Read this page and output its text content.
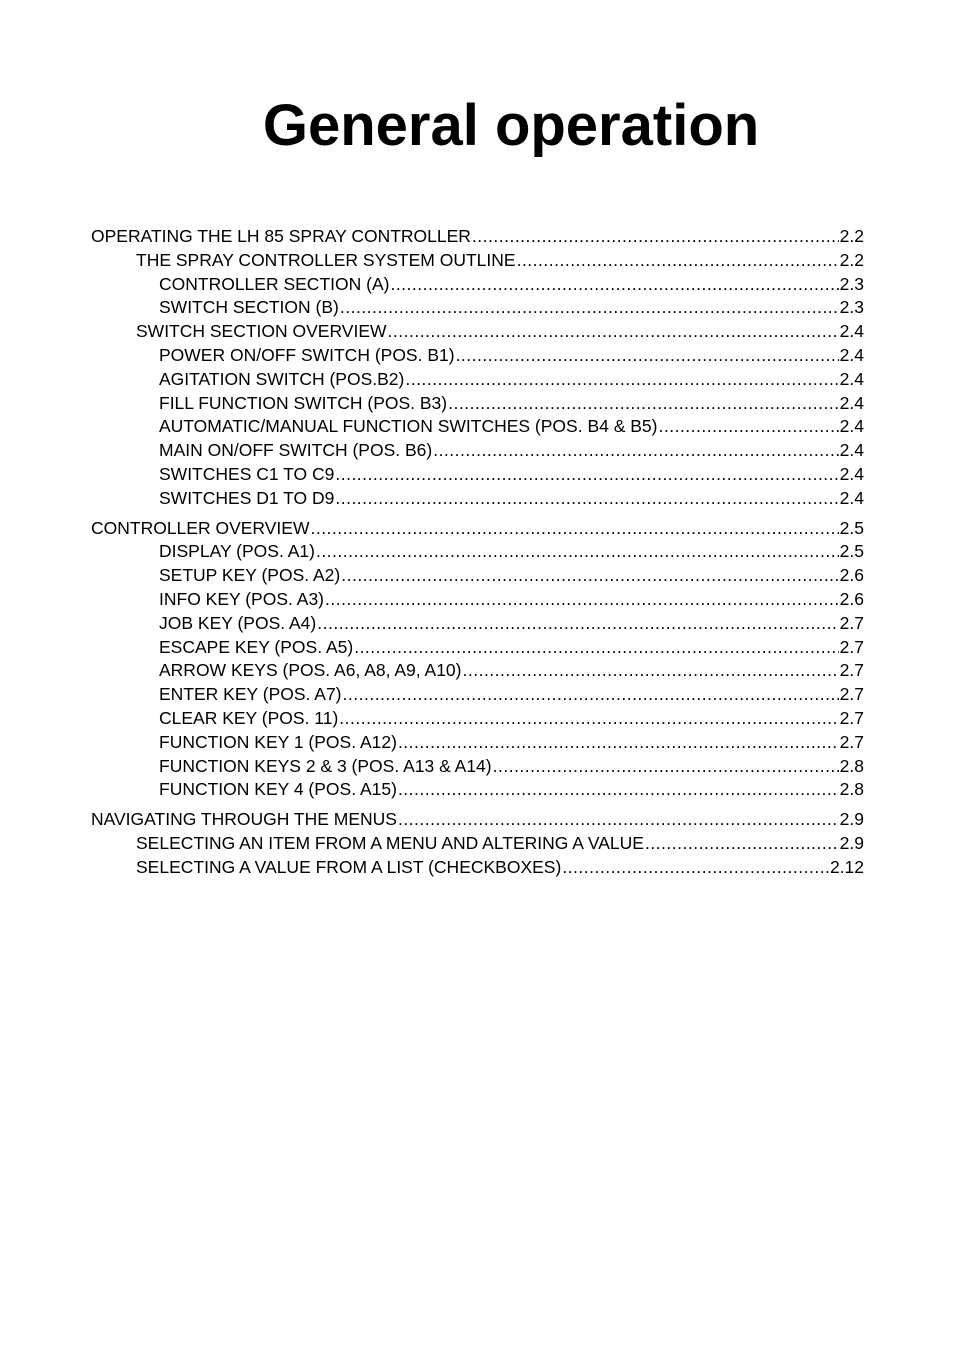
General operation
OPERATING THE LH 85 SPRAY CONTROLLER .....	2.2
THE SPRAY CONTROLLER SYSTEM OUTLINE .....	2.2
CONTROLLER SECTION (A) .....	2.3
SWITCH SECTION (B) .....	2.3
SWITCH SECTION OVERVIEW .....	2.4
POWER ON/OFF SWITCH (POS. B1) .....	2.4
AGITATION SWITCH (POS.B2) .....	2.4
FILL FUNCTION SWITCH (POS. B3) .....	2.4
AUTOMATIC/MANUAL FUNCTION SWITCHES (POS. B4 & B5) .....	2.4
MAIN ON/OFF SWITCH (POS. B6) .....	2.4
SWITCHES C1 TO C9 .....	2.4
SWITCHES D1 TO D9 .....	2.4
CONTROLLER OVERVIEW .....	2.5
DISPLAY (POS. A1) .....	2.5
SETUP KEY (POS. A2) .....	2.6
INFO KEY (POS. A3) .....	2.6
JOB KEY (POS. A4) .....	2.7
ESCAPE KEY (POS. A5) .....	2.7
ARROW KEYS (POS. A6, A8, A9, A10) .....	2.7
ENTER KEY (POS. A7) .....	2.7
CLEAR KEY (POS. 11) .....	2.7
FUNCTION KEY 1 (POS. A12) .....	2.7
FUNCTION KEYS 2 & 3 (POS. A13 & A14) .....	2.8
FUNCTION KEY 4 (POS. A15) .....	2.8
NAVIGATING THROUGH THE MENUS .....	2.9
SELECTING AN ITEM FROM A MENU AND ALTERING A VALUE .....	2.9
SELECTING A VALUE FROM A LIST (CHECKBOXES) .....	2.12
